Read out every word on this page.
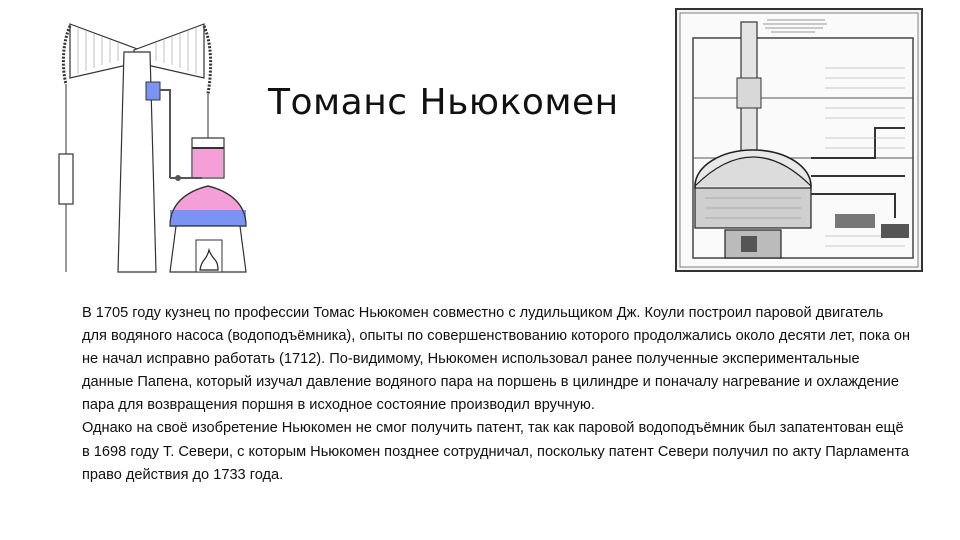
Томанс Ньюкомен

В 1705 году кузнец по профессии Томас Ньюкомен совместно с лудильщиком Дж. Коули построил паровой двигатель для водяного насоса (водоподъёмника), опыты по совершенствованию которого продолжались около десяти лет, пока он не начал исправно работать (1712). По-видимому, Ньюкомен использовал ранее полученные экспериментальные данные Папена, который изучал давление водяного пара на поршень в цилиндре и поначалу нагревание и охлаждение пара для возвращения поршня в исходное состояние производил вручную.

Однако на своё изобретение Ньюкомен не смог получить патент, так как паровой водоподъёмник был запатентован ещё в 1698 году Т. Севери, с которым Ньюкомен позднее сотрудничал, поскольку патент Севери получил по акту Парламента право действия до 1733 года.
